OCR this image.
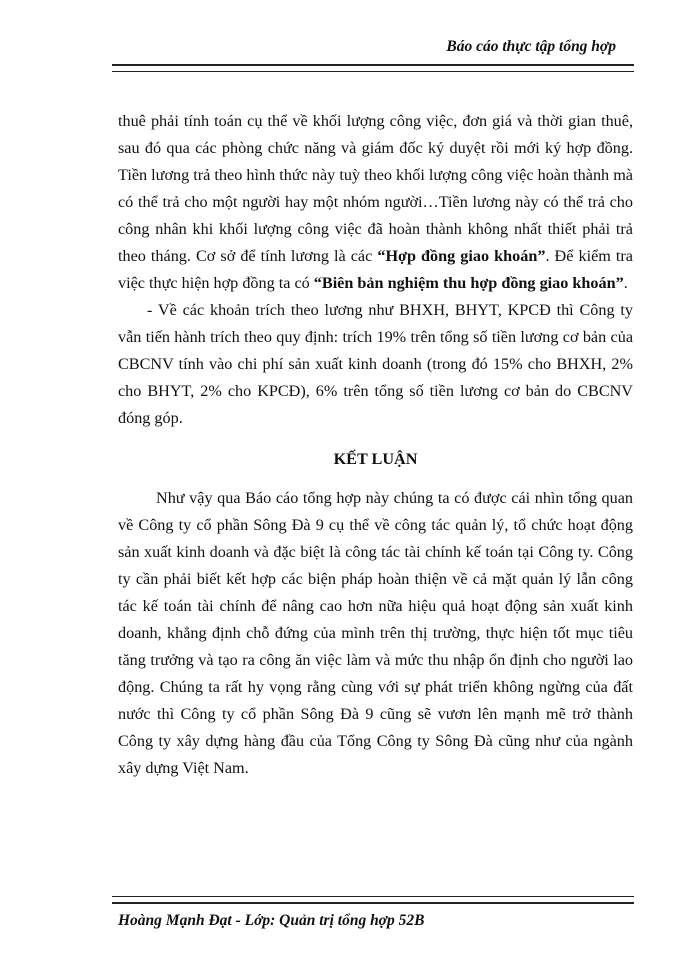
Báo cáo thực tập tổng hợp

thuê phải tính toán cụ thể về khối lượng công việc, đơn giá và thời gian thuê, sau đó qua các phòng chức năng và giám đốc ký duyệt rồi mới ký hợp đồng. Tiền lương trả theo hình thức này tuỳ theo khối lượng công việc hoàn thành mà có thể trả cho một người hay một nhóm người…Tiền lương này có thể trả cho công nhân khi khối lượng công việc đã hoàn thành không nhất thiết phải trả theo tháng. Cơ sở để tính lương là các “Hợp đồng giao khoán”. Để kiểm tra việc thực hiện hợp đồng ta có “Biên bản nghiệm thu hợp đồng giao khoán”.

- Về các khoản trích theo lương như BHXH, BHYT, KPCĐ thì Công ty vẫn tiến hành trích theo quy định: trích 19% trên tổng số tiền lương cơ bản của CBCNV tính vào chi phí sản xuất kinh doanh (trong đó 15% cho BHXH, 2% cho BHYT, 2% cho KPCĐ), 6% trên tổng số tiền lương cơ bản do CBCNV đóng góp.

KẾT LUẬN

Như vậy qua Báo cáo tổng hợp này chúng ta có được cái nhìn tổng quan về Công ty cổ phần Sông Đà 9 cụ thể về công tác quản lý, tổ chức hoạt động sản xuất kinh doanh và đặc biệt là công tác tài chính kế toán tại Công ty. Công ty cần phải biết kết hợp các biện pháp hoàn thiện về cả mặt quản lý lẫn công tác kế toán tài chính để nâng cao hơn nữa hiệu quả hoạt động sản xuất kinh doanh, khẳng định chỗ đứng của mình trên thị trường, thực hiện tốt mục tiêu tăng trưởng và tạo ra công ăn việc làm và mức thu nhập ổn định cho người lao động. Chúng ta rất hy vọng rằng cùng với sự phát triển không ngừng của đất nước thì Công ty cổ phần Sông Đà 9 cũng sẽ vươn lên mạnh mẽ trở thành Công ty xây dựng hàng đầu của Tổng Công ty Sông Đà cũng như của ngành xây dựng Việt Nam.

Hoàng Mạnh Đạt - Lớp: Quản trị tổng hợp 52B
